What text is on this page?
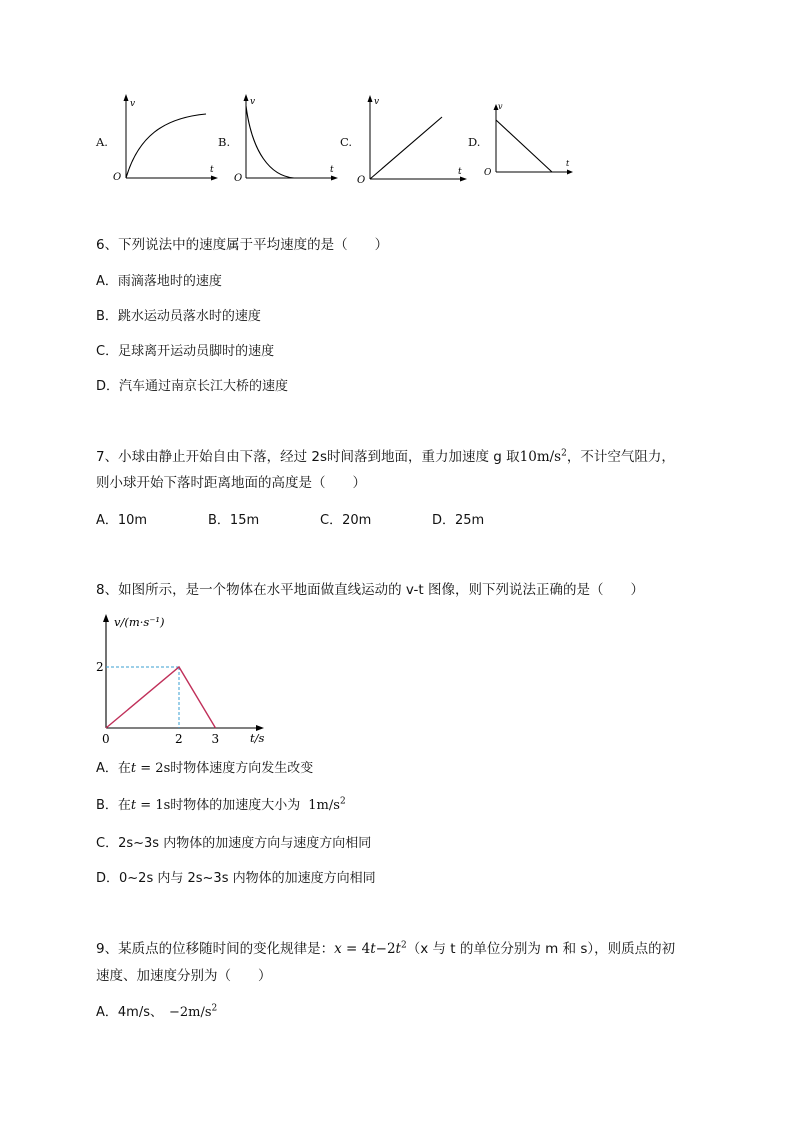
A.
v
t
O
B.
v
t
O
C.
v
t
O
D.
v
t
O
6、下列说法中的速度属于平均速度的是（　　）
A．雨滴落地时的速度
B．跳水运动员落水时的速度
C．足球离开运动员脚时的速度
D．汽车通过南京长江大桥的速度
7、小球由静止开始自由下落，经过 2s时间落到地面，重力加速度 g 取$10m/s^2$，不计空气阻力，
则小球开始下落时距离地面的高度是（　　）
A．10m	B．15m	C．20m	D．25m
8、如图所示，是一个物体在水平地面做直线运动的 v-t 图像，则下列说法正确的是（　　）
v/(m·s⁻¹)
t/s
0
2
2 3
A．在t = 2s时物体速度方向发生改变
B．在t = 1s时物体的加速度大小为 $1m/s^2$
C．2s~3s 内物体的加速度方向与速度方向相同
D．0~2s 内与 2s~3s 内物体的加速度方向相同
9、某质点的位移随时间的变化规律是：$x = 4t-2t^2(x$ 与 t 的单位分别为 m 和 s），则质点的初
速度、加速度分别为（　　）
A．4m/s、 $-2m/s^2$
